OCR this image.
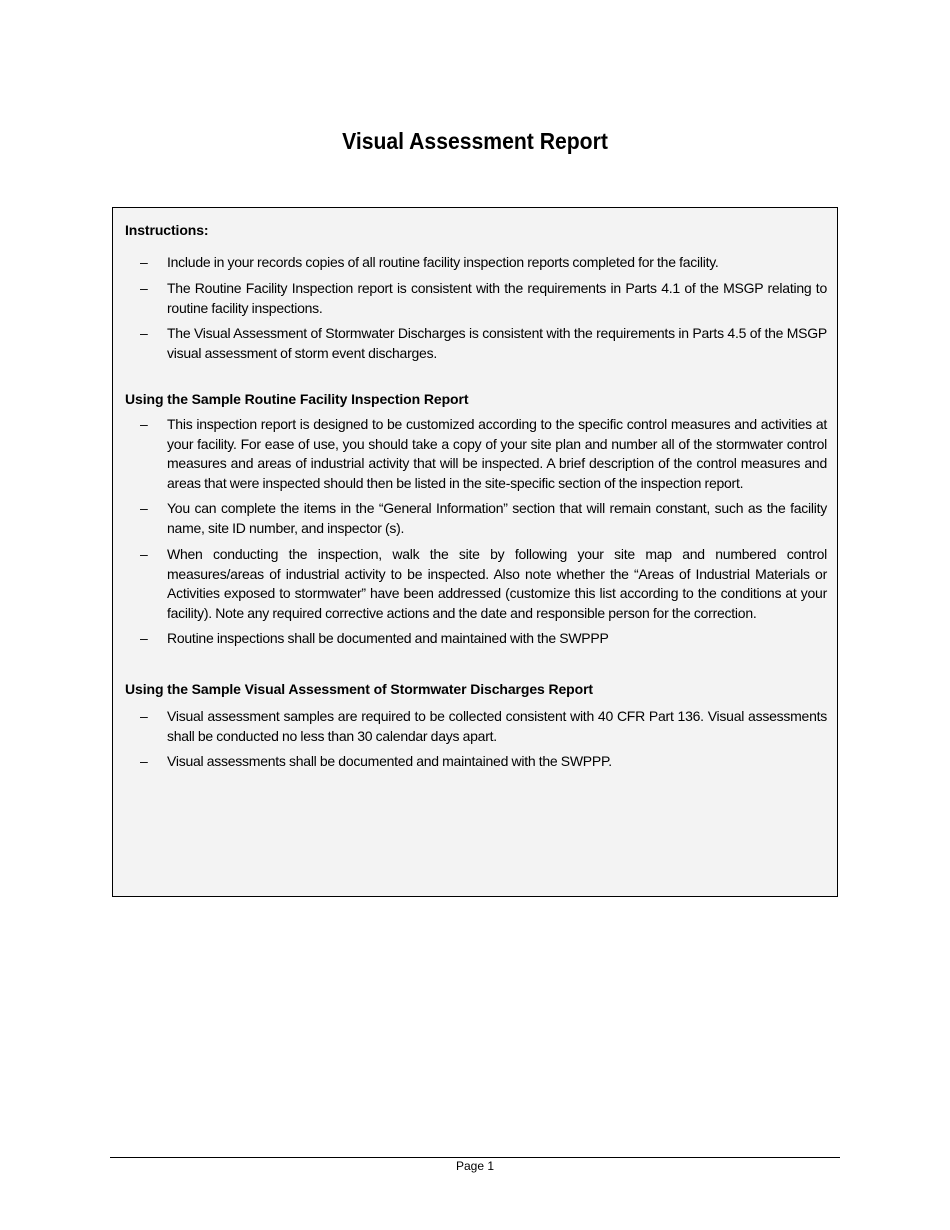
Visual Assessment Report
Instructions:
– Include in your records copies of all routine facility inspection reports completed for the facility.
– The Routine Facility Inspection report is consistent with the requirements in Parts 4.1 of the MSGP relating to routine facility inspections.
– The Visual Assessment of Stormwater Discharges is consistent with the requirements in Parts 4.5 of the MSGP visual assessment of storm event discharges.
Using the Sample Routine Facility Inspection Report
– This inspection report is designed to be customized according to the specific control measures and activities at your facility. For ease of use, you should take a copy of your site plan and number all of the stormwater control measures and areas of industrial activity that will be inspected. A brief description of the control measures and areas that were inspected should then be listed in the site-specific section of the inspection report.
– You can complete the items in the “General Information” section that will remain constant, such as the facility name, site ID number, and inspector (s).
– When conducting the inspection, walk the site by following your site map and numbered control measures/areas of industrial activity to be inspected. Also note whether the “Areas of Industrial Materials or Activities exposed to stormwater” have been addressed (customize this list according to the conditions at your facility). Note any required corrective actions and the date and responsible person for the correction.
– Routine inspections shall be documented and maintained with the SWPPP
Using the Sample Visual Assessment of Stormwater Discharges Report
– Visual assessment samples are required to be collected consistent with 40 CFR Part 136. Visual assessments shall be conducted no less than 30 calendar days apart.
– Visual assessments shall be documented and maintained with the SWPPP.
Page 1
